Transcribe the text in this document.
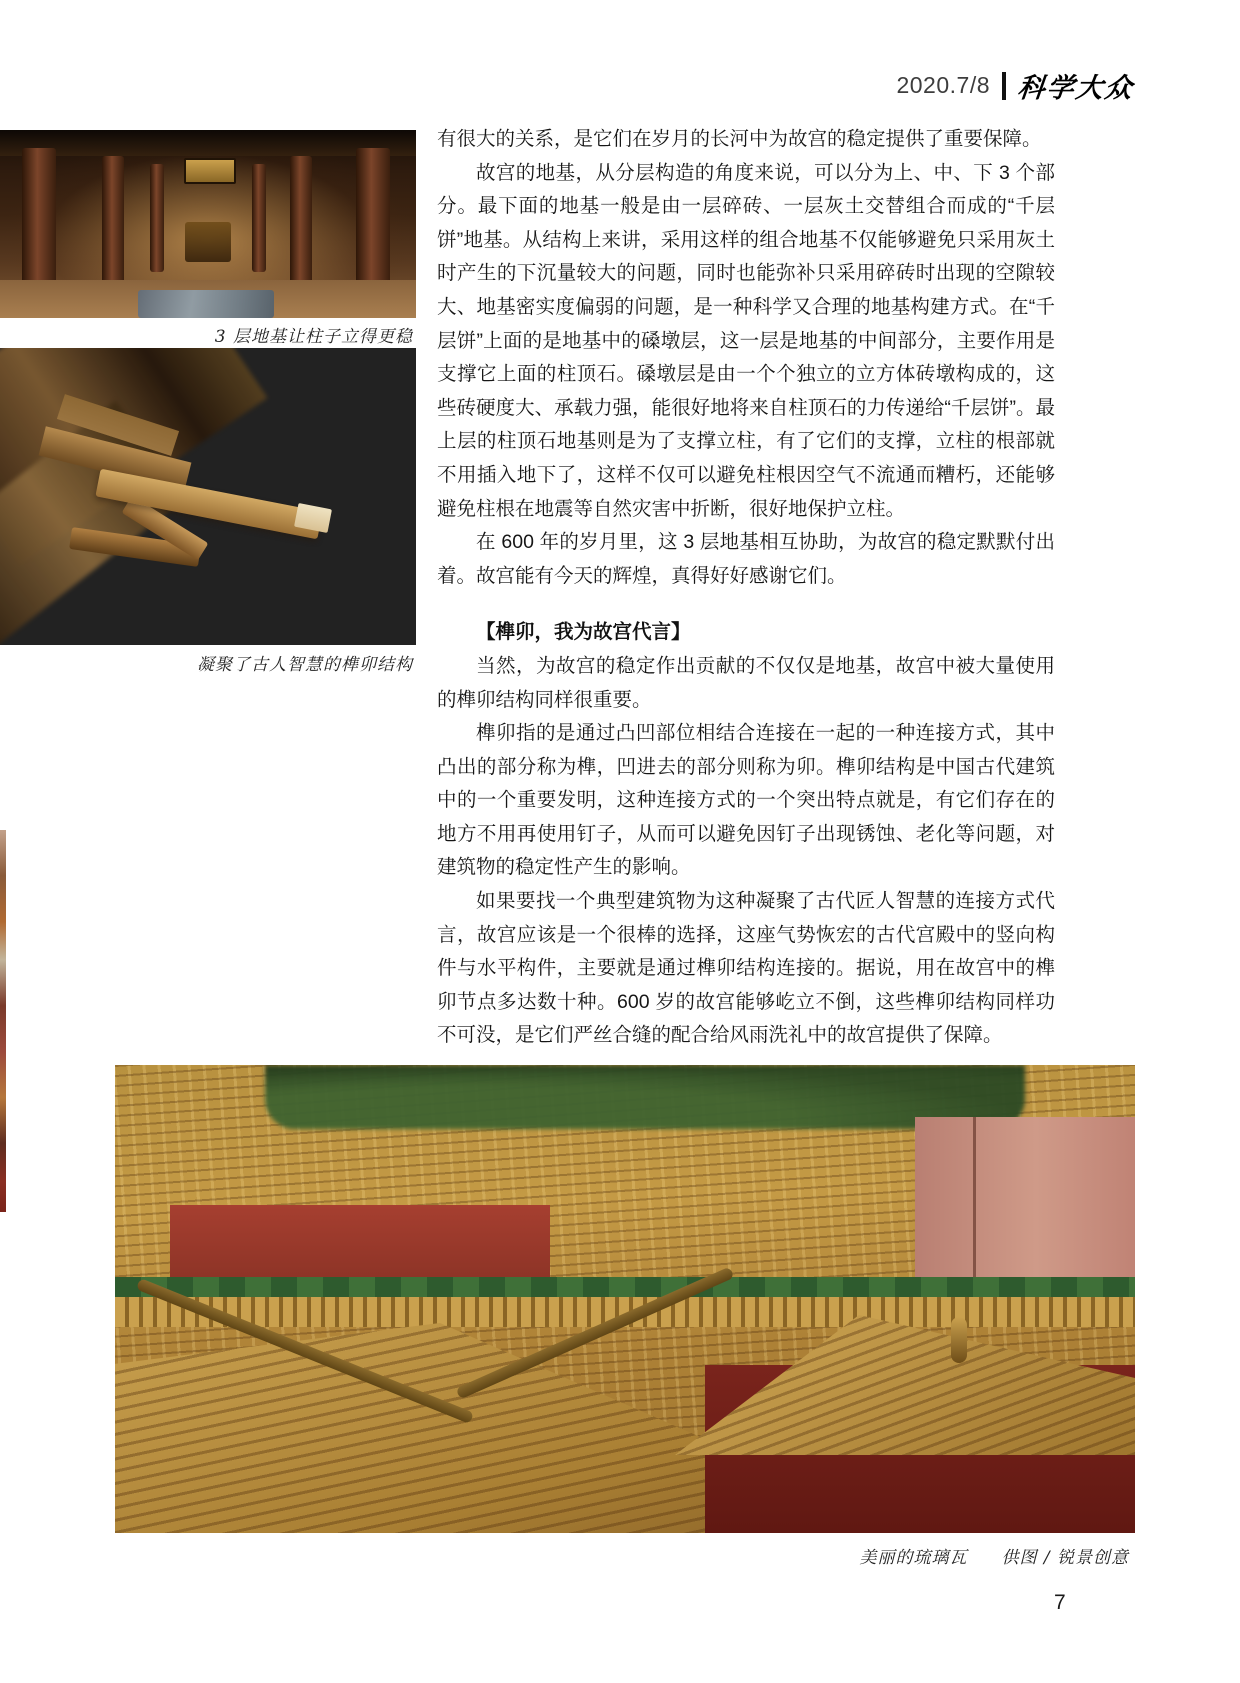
2020.7/8 科学大众
3 层地基让柱子立得更稳
凝聚了古人智慧的榫卯结构

有很大的关系，是它们在岁月的长河中为故宫的稳定提供了重要保障。

故宫的地基，从分层构造的角度来说，可以分为上、中、下 3 个部分。最下面的地基一般是由一层碎砖、一层灰土交替组合而成的“千层饼”地基。从结构上来讲，采用这样的组合地基不仅能够避免只采用灰土时产生的下沉量较大的问题，同时也能弥补只采用碎砖时出现的空隙较大、地基密实度偏弱的问题，是一种科学又合理的地基构建方式。在“千层饼”上面的是地基中的磉墩层，这一层是地基的中间部分，主要作用是支撑它上面的柱顶石。磉墩层是由一个个独立的立方体砖墩构成的，这些砖硬度大、承载力强，能很好地将来自柱顶石的力传递给“千层饼”。最上层的柱顶石地基则是为了支撑立柱，有了它们的支撑，立柱的根部就不用插入地下了，这样不仅可以避免柱根因空气不流通而糟朽，还能够避免柱根在地震等自然灾害中折断，很好地保护立柱。

在 600 年的岁月里，这 3 层地基相互协助，为故宫的稳定默默付出着。故宫能有今天的辉煌，真得好好感谢它们。

【榫卯，我为故宫代言】

当然，为故宫的稳定作出贡献的不仅仅是地基，故宫中被大量使用的榫卯结构同样很重要。

榫卯指的是通过凸凹部位相结合连接在一起的一种连接方式，其中凸出的部分称为榫，凹进去的部分则称为卯。榫卯结构是中国古代建筑中的一个重要发明，这种连接方式的一个突出特点就是，有它们存在的地方不用再使用钉子，从而可以避免因钉子出现锈蚀、老化等问题，对建筑物的稳定性产生的影响。

如果要找一个典型建筑物为这种凝聚了古代匠人智慧的连接方式代言，故宫应该是一个很棒的选择，这座气势恢宏的古代宫殿中的竖向构件与水平构件，主要就是通过榫卯结构连接的。据说，用在故宫中的榫卯节点多达数十种。600 岁的故宫能够屹立不倒，这些榫卯结构同样功不可没，是它们严丝合缝的配合给风雨洗礼中的故宫提供了保障。

美丽的琉璃瓦 供图 / 锐景创意
7
